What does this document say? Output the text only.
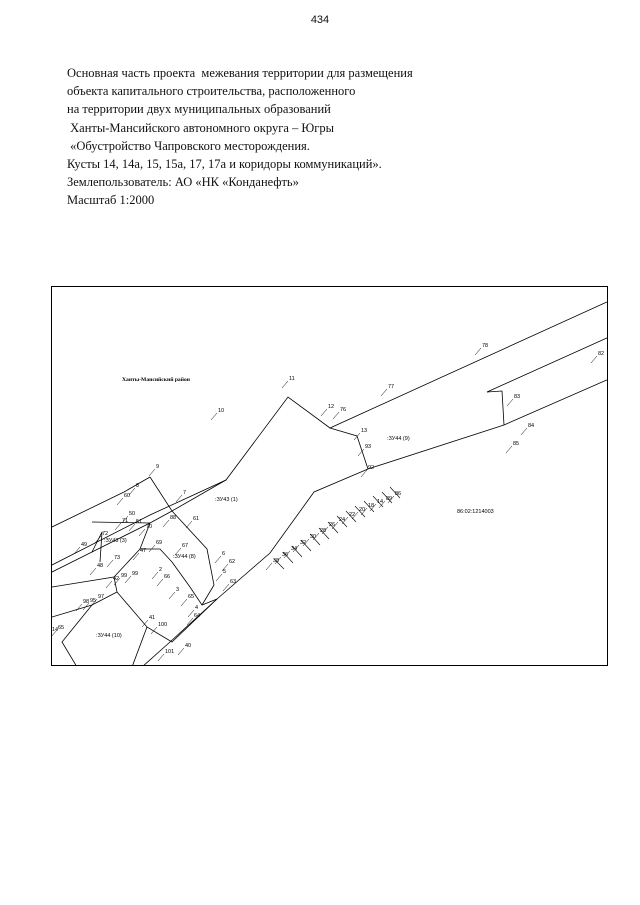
434
Основная часть проекта  межевания территории для размещения
объекта капитального строительства, расположенного
на территории двух муниципальных образований
Ханты-Мансийского автономного округа – Югры
«Обустройство Чапровского месторождения.
Кусты 14, 14а, 15, 15а, 17, 17а и коридоры коммуникаций».
Землепользователь: АО «НК «Конданефть»
Масштаб 1:2000
78
82
77
83
11
12 76
10
13
84
85
93
92
9
8
60	7	86
89
14
18
20
22
24
26
28
30
32
34
36
38
61
50
71 51
88
70
72
69	67
49
47
73
6
48
62
2
42 99 99	5
66
63
3
65
97
98 95
4
64
41
100
14 65
40
101
Ханты-Мансийский район
86:02:1214003
:ЗУ44 (9)
:ЗУ43 (1)
:ЗУ43 (3)
:ЗУ44 (8)
:ЗУ44 (10)
